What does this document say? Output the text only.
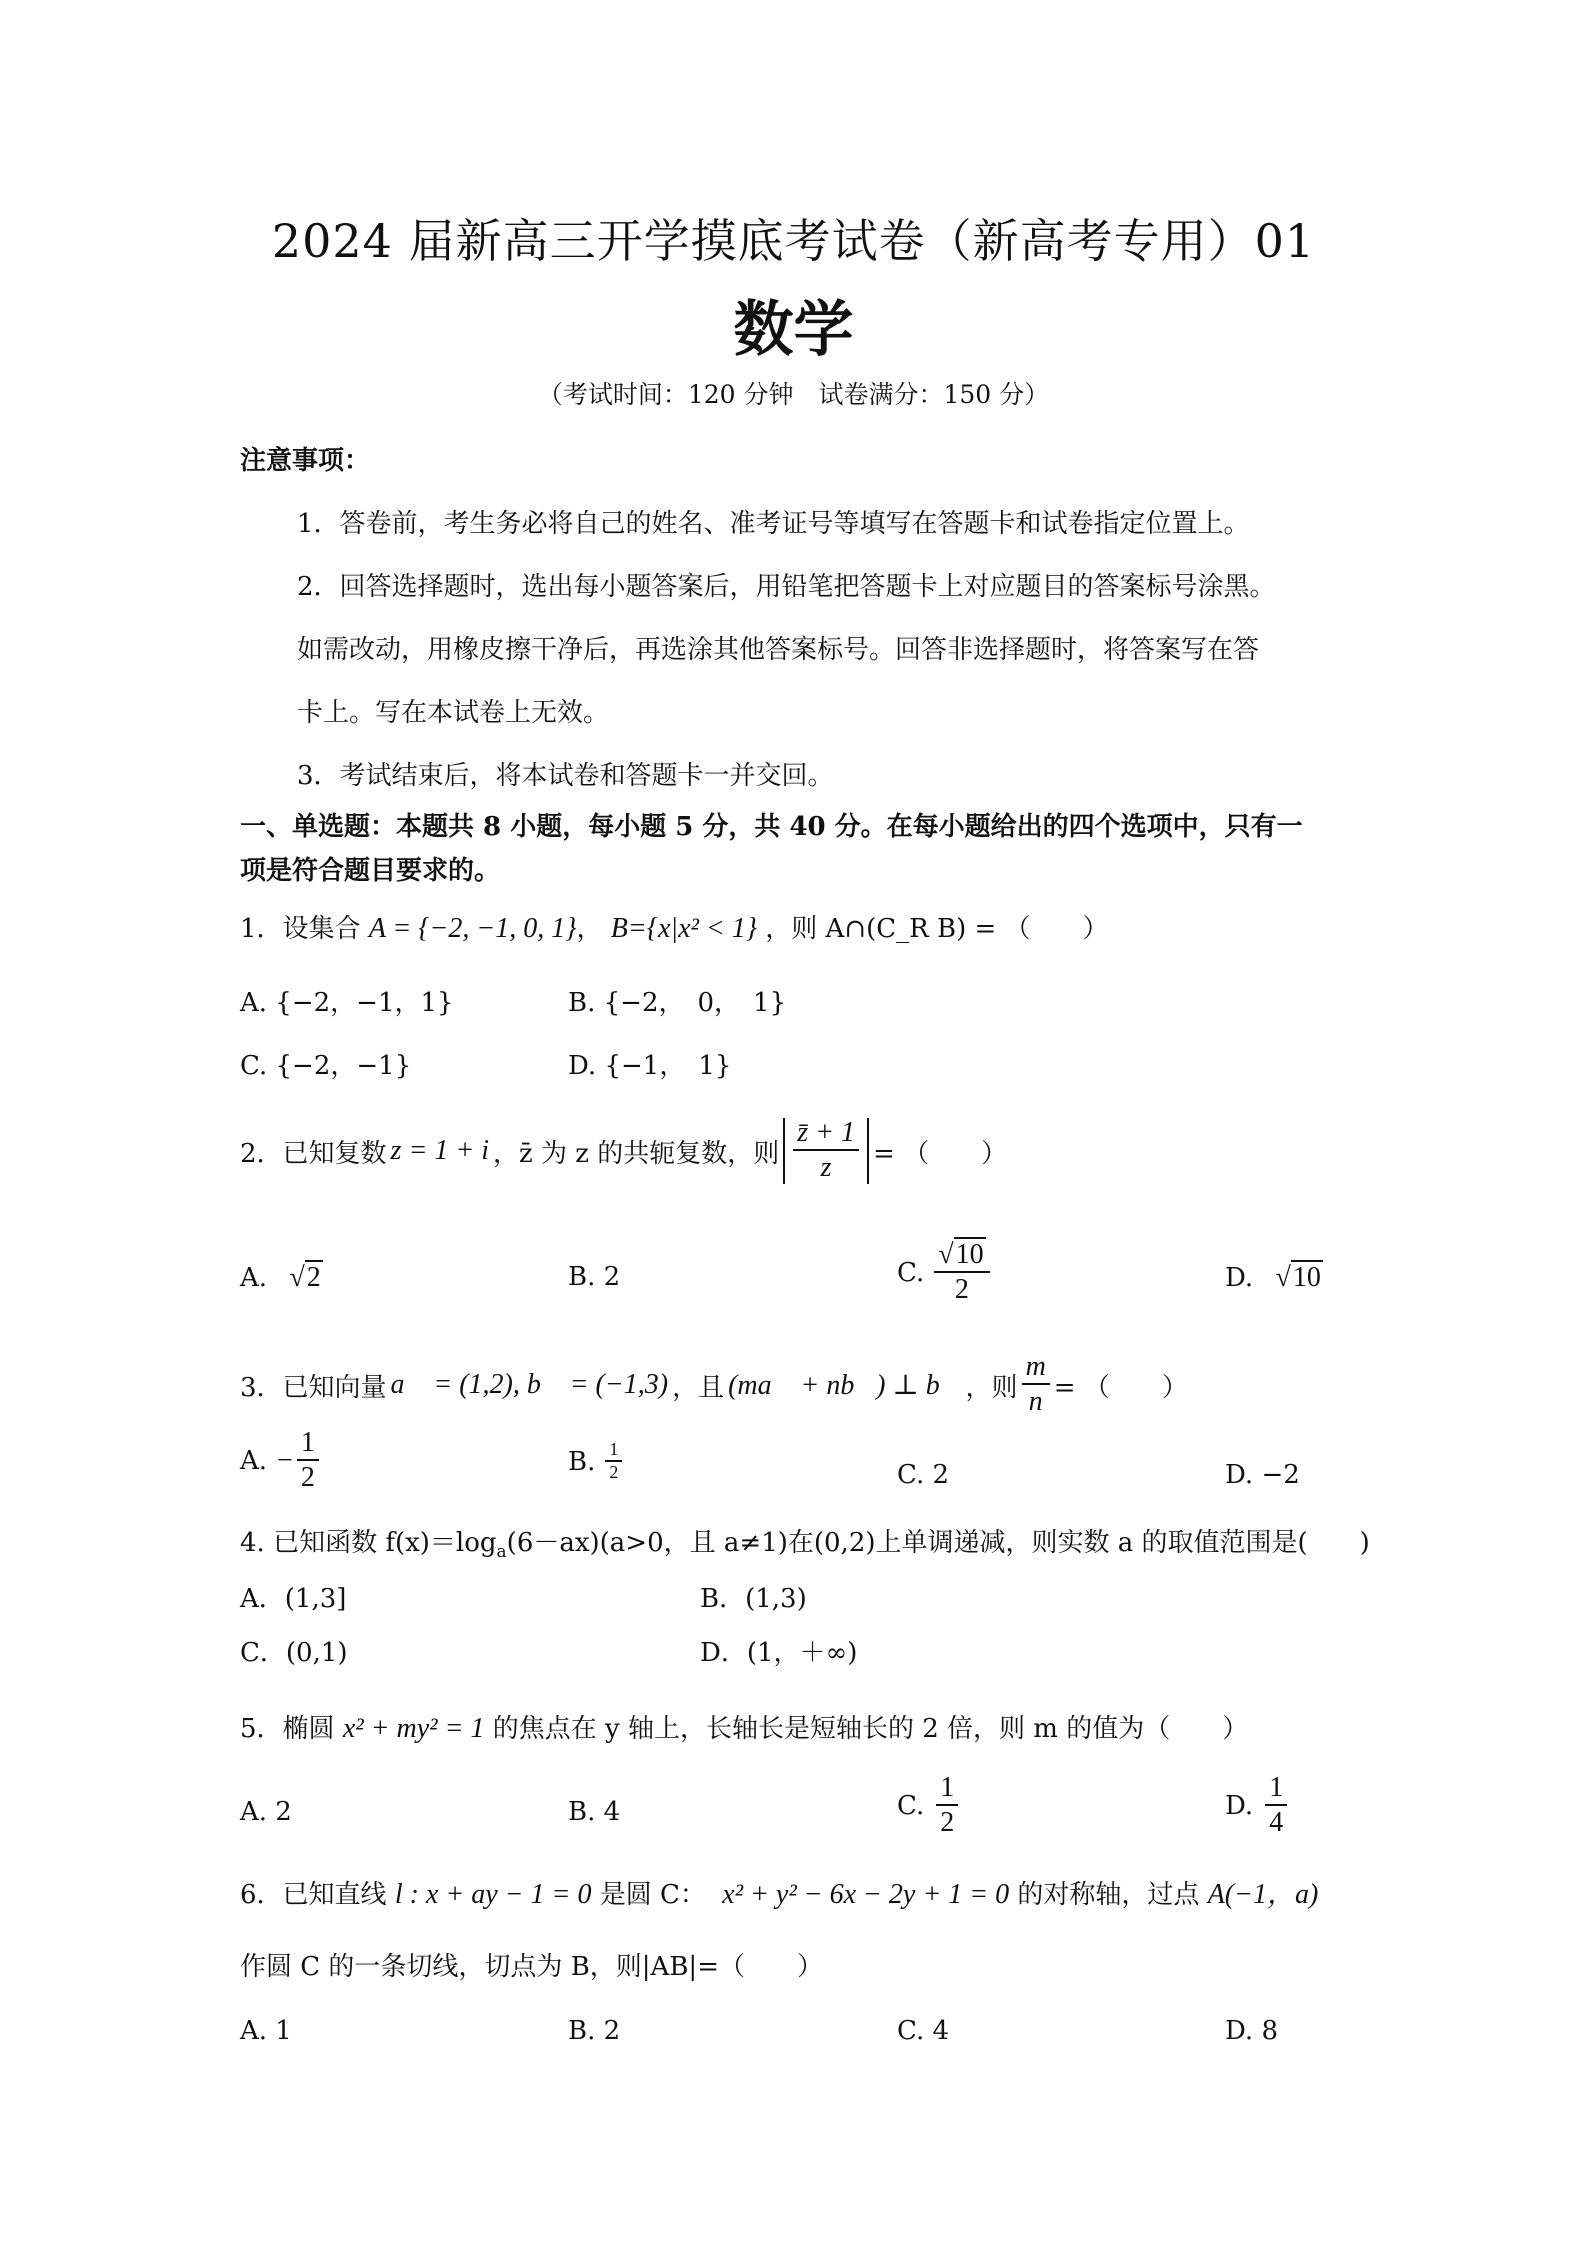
2024 届新高三开学摸底考试卷（新高考专用）01
数学
（考试时间：120 分钟　试卷满分：150 分）
注意事项：
1．答卷前，考生务必将自己的姓名、准考证号等填写在答题卡和试卷指定位置上。
2．回答选择题时，选出每小题答案后，用铅笔把答题卡上对应题目的答案标号涂黑。
如需改动，用橡皮擦干净后，再选涂其他答案标号。回答非选择题时，将答案写在答
卡上。写在本试卷上无效。
3．考试结束后，将本试卷和答题卡一并交回。
一、单选题：本题共 8 小题，每小题 5 分，共 40 分。在每小题给出的四个选项中，只有一
项是符合题目要求的。
1．设集合 A = {−2, −1, 0, 1}， B={x|x² < 1} ，则 A∩(C_R B) = （　　）
A. {−2，−1，1}	B. {−2，　0，　1}
C. {−2，−1}	D. {−1，　1}
2．已知复数 z = 1 + i ，z̄ 为 z 的共轭复数，则 $\frac{z̄ + 1}{z}$ = （　　）
A. √2	B. 2	C. $\frac{√10}{2}$	D. √10
3．已知向量 a⃗ = (1,2), b⃗ = (−1,3) ，且 (ma⃗ + nb⃗) ⊥ b⃗ ，则 $\frac{m}{n}$ = （　　）
A. − $\frac{1}{2}$	B. $\frac{1}{2}$	C. 2	D. −2
4. 已知函数 $f(x)=\log_a(6-ax)(a>0$，且 a≠1)在(0,2)上单调递减，则实数 a 的取值范围是(　　)
A．(1,3]	B．(1,3)
C．(0,1)	D．(1，＋∞)
5．椭圆 x² + my² = 1 的焦点在 y 轴上，长轴长是短轴长的 2 倍，则 m 的值为（　　）
A. 2	B. 4	C. $\frac{1}{2}$	D. $\frac{1}{4}$
6．已知直线 l : x + ay − 1 = 0 是圆 C： x² + y² − 6x − 2y + 1 = 0 的对称轴，过点 A(−1，a)
作圆 C 的一条切线，切点为 B，则|AB|=（　　）
A. 1	B. 2	C. 4	D. 8
